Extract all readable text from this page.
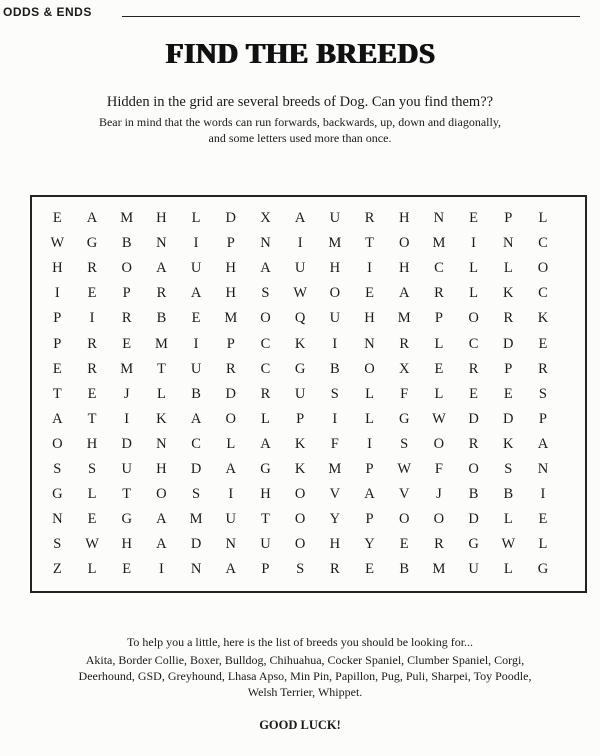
ODDS & ENDS
FIND THE BREEDS
Hidden in the grid are several breeds of Dog. Can you find them??
Bear in mind that the words can run forwards, backwards, up, down and diagonally,
and some letters used more than once.
E	A	M	H	L	D	X	A	U	R	H	N	E	P	L
W	G	B	N	I	P	N	I	M	T	O	M	I	N	C
H	R	O	A	U	H	A	U	H	I	H	C	L	L	O
I	E	P	R	A	H	S	W	O	E	A	R	L	K	C
P	I	R	B	E	M	O	Q	U	H	M	P	O	R	K
P	R	E	M	I	P	C	K	I	N	R	L	C	D	E
E	R	M	T	U	R	C	G	B	O	X	E	R	P	R
T	E	J	L	B	D	R	U	S	L	F	L	E	E	S
A	T	I	K	A	O	L	P	I	L	G	W	D	D	P
O	H	D	N	C	L	A	K	F	I	S	O	R	K	A
S	S	U	H	D	A	G	K	M	P	W	F	O	S	N
G	L	T	O	S	I	H	O	V	A	V	J	B	B	I
N	E	G	A	M	U	T	O	Y	P	O	O	D	L	E
S	W	H	A	D	N	U	O	H	Y	E	R	G	W	L
Z	L	E	I	N	A	P	S	R	E	B	M	U	L	G
To help you a little, here is the list of breeds you should be looking for...
Akita, Border Collie, Boxer, Bulldog, Chihuahua, Cocker Spaniel, Clumber Spaniel, Corgi,
Deerhound, GSD, Greyhound, Lhasa Apso, Min Pin, Papillon, Pug, Puli, Sharpei, Toy Poodle,
Welsh Terrier, Whippet.
GOOD LUCK!
